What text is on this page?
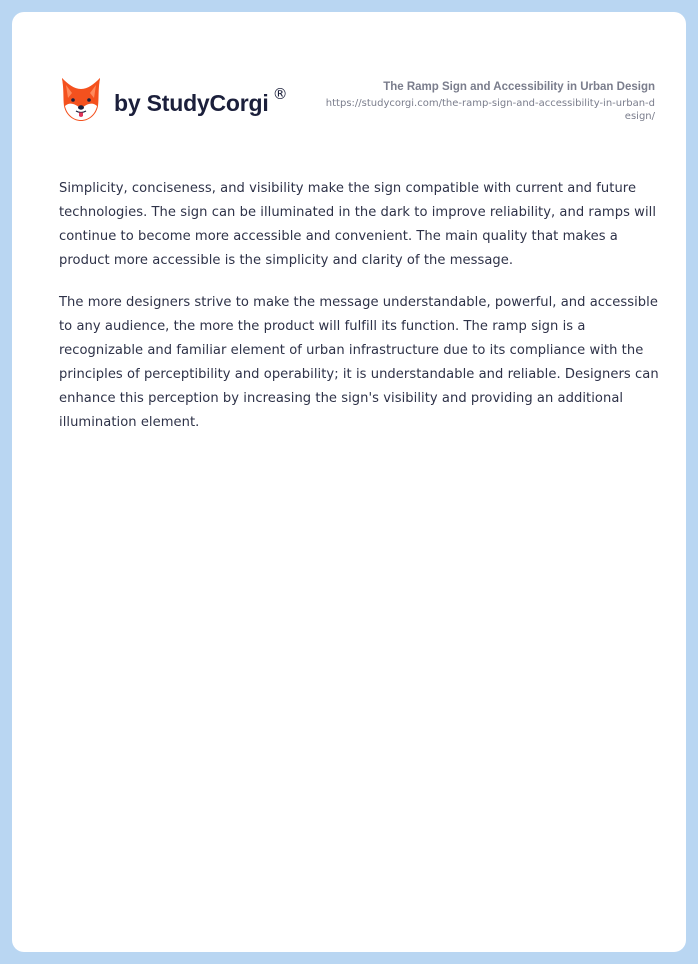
by StudyCorgi ®	The Ramp Sign and Accessibility in Urban Design
https://studycorgi.com/the-ramp-sign-and-accessibility-in-urban-design/

Simplicity, conciseness, and visibility make the sign compatible with current and future technologies. The sign can be illuminated in the dark to improve reliability, and ramps will continue to become more accessible and convenient. The main quality that makes a product more accessible is the simplicity and clarity of the message.

The more designers strive to make the message understandable, powerful, and accessible to any audience, the more the product will fulfill its function. The ramp sign is a recognizable and familiar element of urban infrastructure due to its compliance with the principles of perceptibility and operability; it is understandable and reliable. Designers can enhance this perception by increasing the sign's visibility and providing an additional illumination element.
